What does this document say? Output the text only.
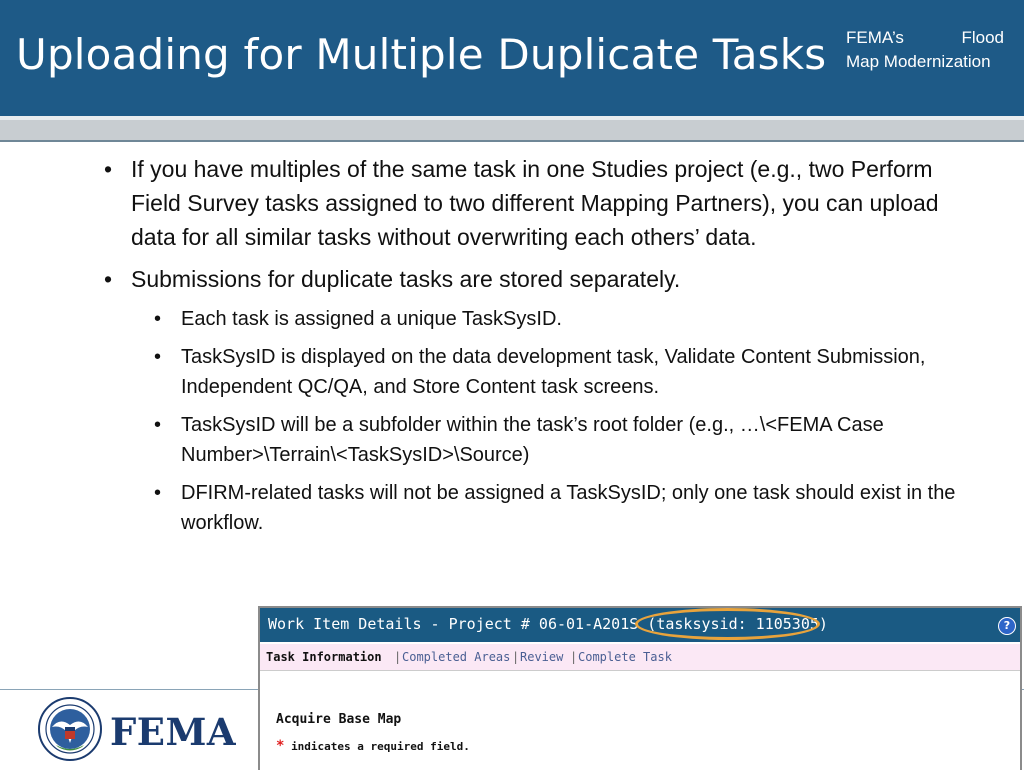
Uploading for Multiple Duplicate Tasks FEMA’s	Flood
Map Modernization
• If you have multiples of the same task in one Studies project (e.g., two Perform Field Survey tasks assigned to two different Mapping Partners), you can upload data for all similar tasks without overwriting each others’ data.
• Submissions for duplicate tasks are stored separately.
• Each task is assigned a unique TaskSysID.
• TaskSysID is displayed on the data development task, Validate Content Submission, Independent QC/QA, and Store Content task screens.
• TaskSysID will be a subfolder within the task’s root folder (e.g., …\<FEMA Case Number>\Terrain\<TaskSysID>\Source)
• DFIRM-related tasks will not be assigned a TaskSysID; only one task should exist in the workflow.
FEMA
Work Item Details - Project # 06-01-A201S (tasksysid: 1105305)	?
Task Information | Completed Areas | Review | Complete Task
Acquire Base Map
* indicates a required field.
